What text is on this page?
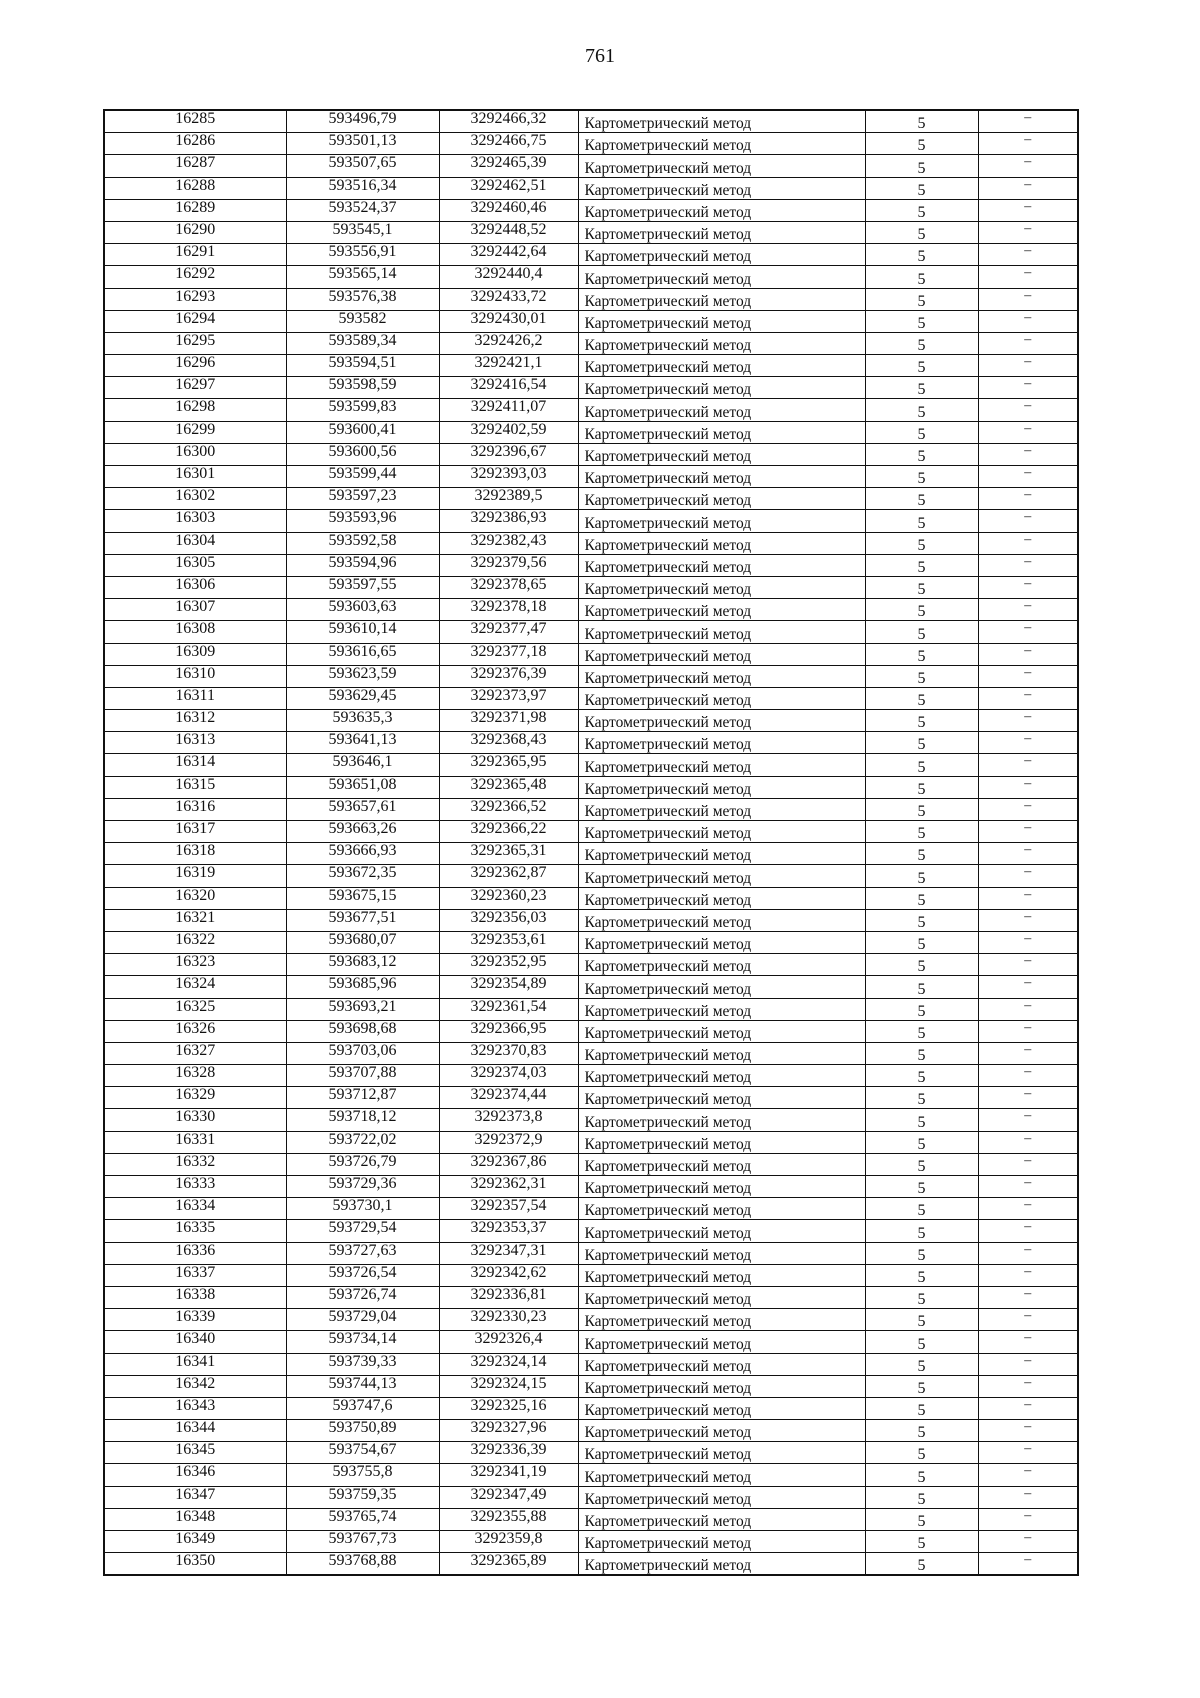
761
16285	593496,79	3292466,32	Картометрический метод	5	–
16286	593501,13	3292466,75	Картометрический метод	5	–
16287	593507,65	3292465,39	Картометрический метод	5	–
16288	593516,34	3292462,51	Картометрический метод	5	–
16289	593524,37	3292460,46	Картометрический метод	5	–
16290	593545,1	3292448,52	Картометрический метод	5	–
16291	593556,91	3292442,64	Картометрический метод	5	–
16292	593565,14	3292440,4	Картометрический метод	5	–
16293	593576,38	3292433,72	Картометрический метод	5	–
16294	593582	3292430,01	Картометрический метод	5	–
16295	593589,34	3292426,2	Картометрический метод	5	–
16296	593594,51	3292421,1	Картометрический метод	5	–
16297	593598,59	3292416,54	Картометрический метод	5	–
16298	593599,83	3292411,07	Картометрический метод	5	–
16299	593600,41	3292402,59	Картометрический метод	5	–
16300	593600,56	3292396,67	Картометрический метод	5	–
16301	593599,44	3292393,03	Картометрический метод	5	–
16302	593597,23	3292389,5	Картометрический метод	5	–
16303	593593,96	3292386,93	Картометрический метод	5	–
16304	593592,58	3292382,43	Картометрический метод	5	–
16305	593594,96	3292379,56	Картометрический метод	5	–
16306	593597,55	3292378,65	Картометрический метод	5	–
16307	593603,63	3292378,18	Картометрический метод	5	–
16308	593610,14	3292377,47	Картометрический метод	5	–
16309	593616,65	3292377,18	Картометрический метод	5	–
16310	593623,59	3292376,39	Картометрический метод	5	–
16311	593629,45	3292373,97	Картометрический метод	5	–
16312	593635,3	3292371,98	Картометрический метод	5	–
16313	593641,13	3292368,43	Картометрический метод	5	–
16314	593646,1	3292365,95	Картометрический метод	5	–
16315	593651,08	3292365,48	Картометрический метод	5	–
16316	593657,61	3292366,52	Картометрический метод	5	–
16317	593663,26	3292366,22	Картометрический метод	5	–
16318	593666,93	3292365,31	Картометрический метод	5	–
16319	593672,35	3292362,87	Картометрический метод	5	–
16320	593675,15	3292360,23	Картометрический метод	5	–
16321	593677,51	3292356,03	Картометрический метод	5	–
16322	593680,07	3292353,61	Картометрический метод	5	–
16323	593683,12	3292352,95	Картометрический метод	5	–
16324	593685,96	3292354,89	Картометрический метод	5	–
16325	593693,21	3292361,54	Картометрический метод	5	–
16326	593698,68	3292366,95	Картометрический метод	5	–
16327	593703,06	3292370,83	Картометрический метод	5	–
16328	593707,88	3292374,03	Картометрический метод	5	–
16329	593712,87	3292374,44	Картометрический метод	5	–
16330	593718,12	3292373,8	Картометрический метод	5	–
16331	593722,02	3292372,9	Картометрический метод	5	–
16332	593726,79	3292367,86	Картометрический метод	5	–
16333	593729,36	3292362,31	Картометрический метод	5	–
16334	593730,1	3292357,54	Картометрический метод	5	–
16335	593729,54	3292353,37	Картометрический метод	5	–
16336	593727,63	3292347,31	Картометрический метод	5	–
16337	593726,54	3292342,62	Картометрический метод	5	–
16338	593726,74	3292336,81	Картометрический метод	5	–
16339	593729,04	3292330,23	Картометрический метод	5	–
16340	593734,14	3292326,4	Картометрический метод	5	–
16341	593739,33	3292324,14	Картометрический метод	5	–
16342	593744,13	3292324,15	Картометрический метод	5	–
16343	593747,6	3292325,16	Картометрический метод	5	–
16344	593750,89	3292327,96	Картометрический метод	5	–
16345	593754,67	3292336,39	Картометрический метод	5	–
16346	593755,8	3292341,19	Картометрический метод	5	–
16347	593759,35	3292347,49	Картометрический метод	5	–
16348	593765,74	3292355,88	Картометрический метод	5	–
16349	593767,73	3292359,8	Картометрический метод	5	–
16350	593768,88	3292365,89	Картометрический метод	5	–
